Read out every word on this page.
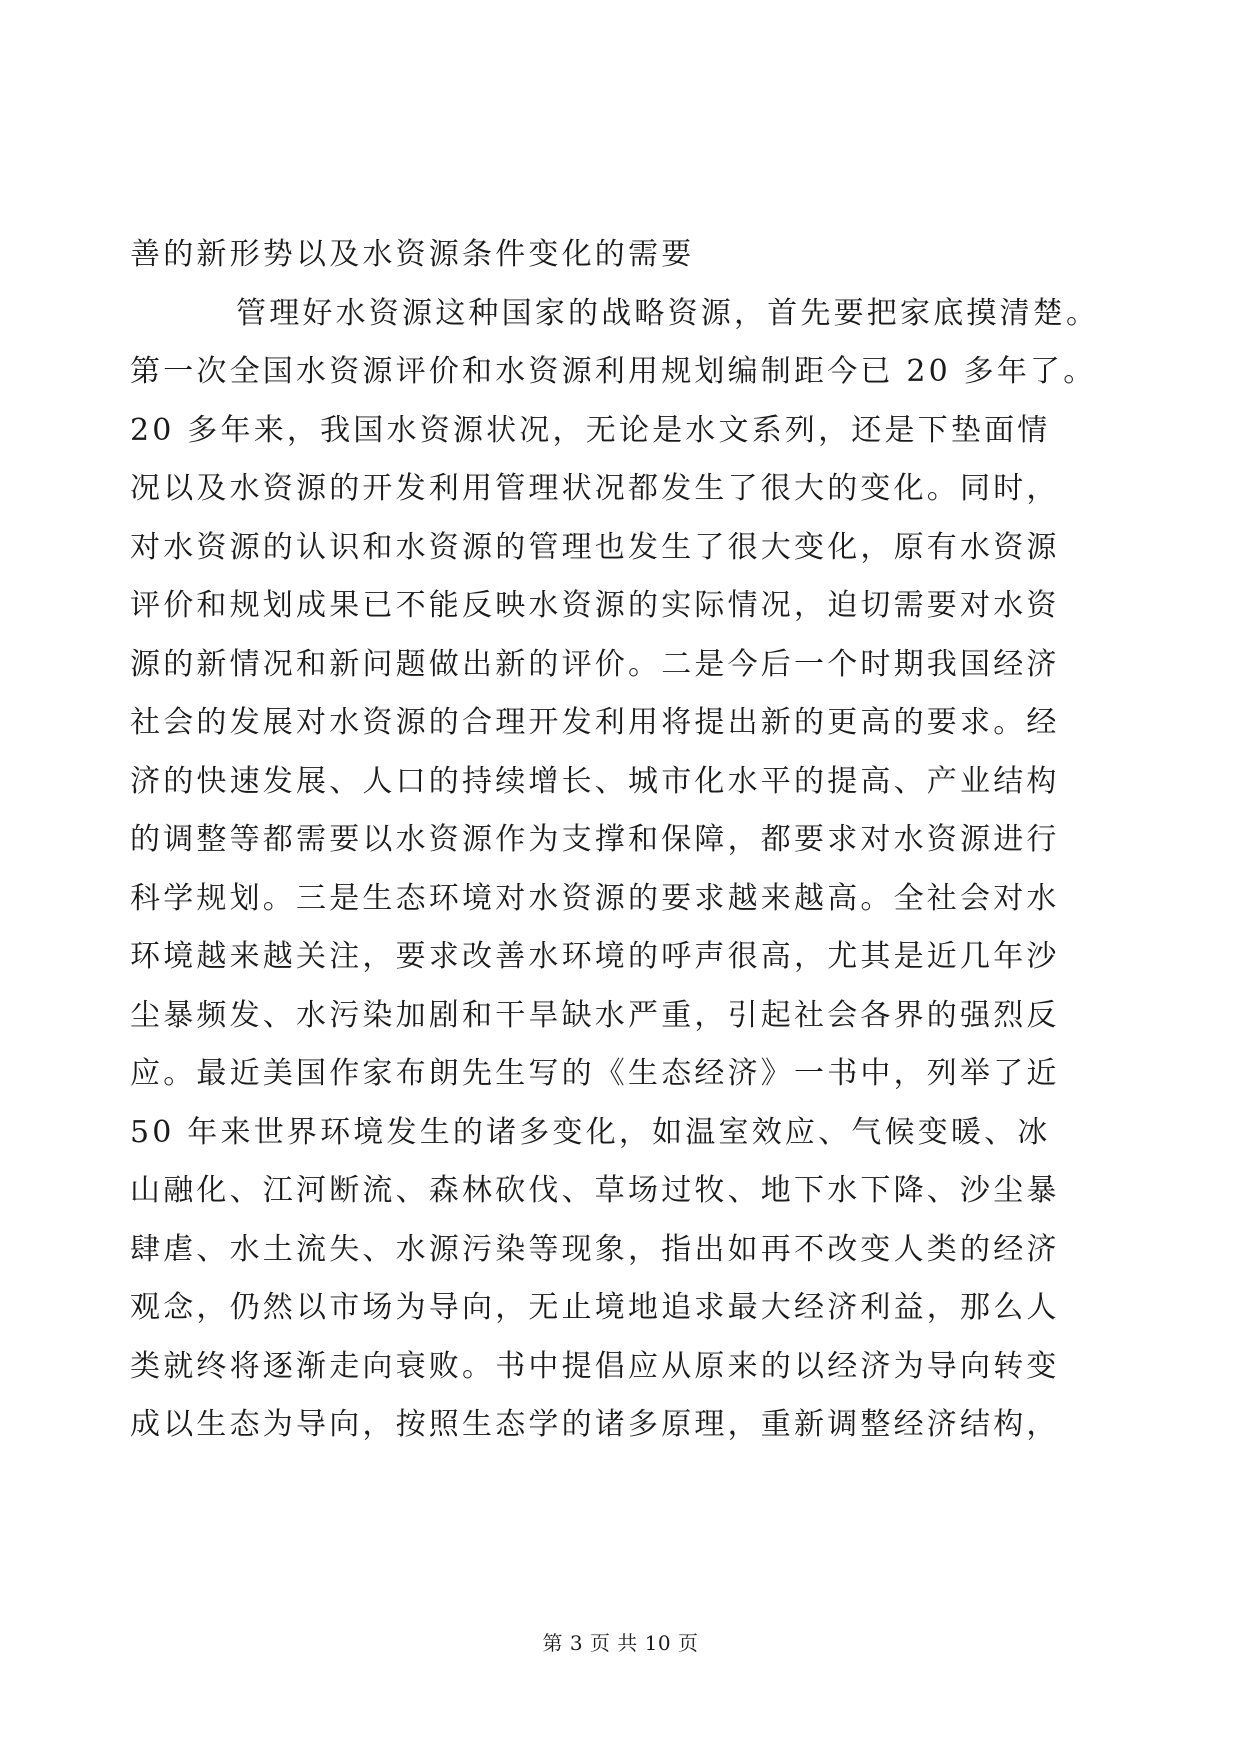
善的新形势以及水资源条件变化的需要
管理好水资源这种国家的战略资源，首先要把家底摸清楚。
第一次全国水资源评价和水资源利用规划编制距今已 20 多年了。
20 多年来，我国水资源状况，无论是水文系列，还是下垫面情
况以及水资源的开发利用管理状况都发生了很大的变化。同时，
对水资源的认识和水资源的管理也发生了很大变化，原有水资源
评价和规划成果已不能反映水资源的实际情况，迫切需要对水资
源的新情况和新问题做出新的评价。二是今后一个时期我国经济
社会的发展对水资源的合理开发利用将提出新的更高的要求。经
济的快速发展、人口的持续增长、城市化水平的提高、产业结构
的调整等都需要以水资源作为支撑和保障，都要求对水资源进行
科学规划。三是生态环境对水资源的要求越来越高。全社会对水
环境越来越关注，要求改善水环境的呼声很高，尤其是近几年沙
尘暴频发、水污染加剧和干旱缺水严重，引起社会各界的强烈反
应。最近美国作家布朗先生写的《生态经济》一书中，列举了近
50 年来世界环境发生的诸多变化，如温室效应、气候变暖、冰
山融化、江河断流、森林砍伐、草场过牧、地下水下降、沙尘暴
肆虐、水土流失、水源污染等现象，指出如再不改变人类的经济
观念，仍然以市场为导向，无止境地追求最大经济利益，那么人
类就终将逐渐走向衰败。书中提倡应从原来的以经济为导向转变
成以生态为导向，按照生态学的诸多原理，重新调整经济结构，
第 3 页 共 10 页
